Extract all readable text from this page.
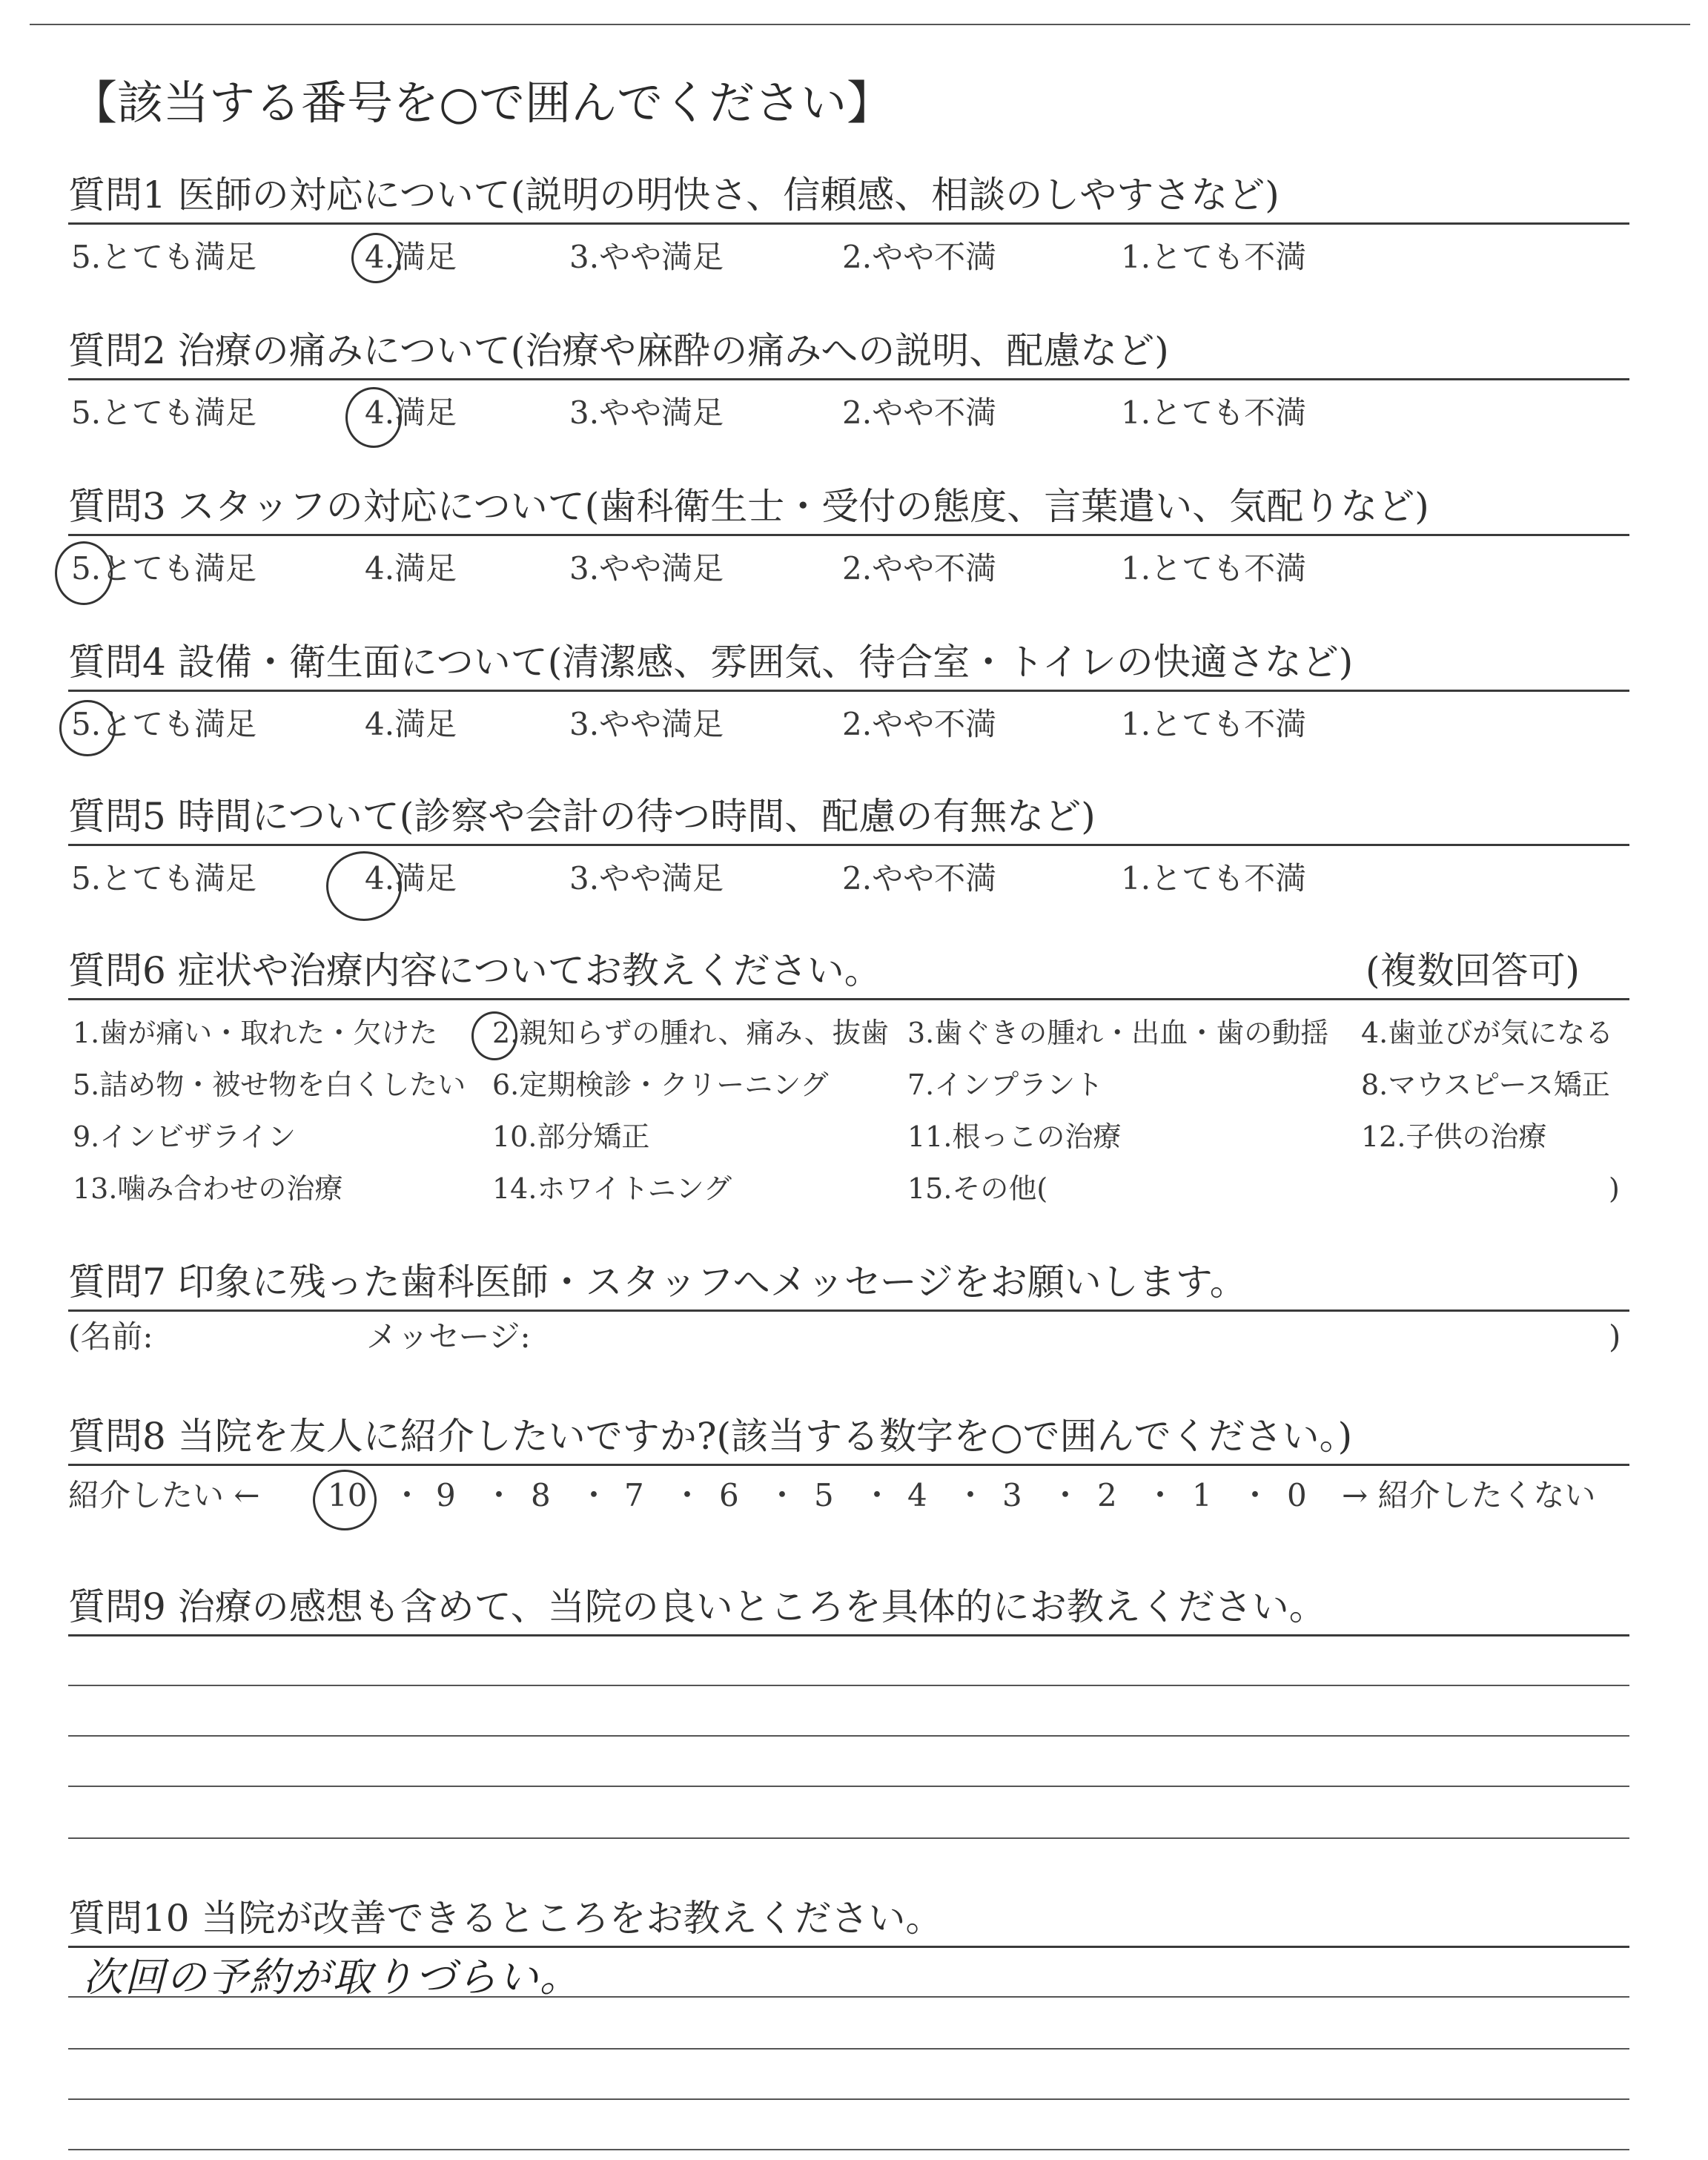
【該当する番号を○で囲んでください】
質問1 医師の対応について(説明の明快さ、信頼感、相談のしやすさなど)
5.とても満足	4.満足	3.やや満足	2.やや不満	1.とても不満
質問2 治療の痛みについて(治療や麻酔の痛みへの説明、配慮など)
5.とても満足	4.満足	3.やや満足	2.やや不満	1.とても不満
質問3 スタッフの対応について(歯科衛生士・受付の態度、言葉遣い、気配りなど)
5.とても満足	4.満足	3.やや満足	2.やや不満	1.とても不満
質問4 設備・衛生面について(清潔感、雰囲気、待合室・トイレの快適さなど)
5.とても満足	4.満足	3.やや満足	2.やや不満	1.とても不満
質問5 時間について(診察や会計の待つ時間、配慮の有無など)
5.とても満足	4.満足	3.やや満足	2.やや不満	1.とても不満
質問6 症状や治療内容についてお教えください。	(複数回答可)
1.歯が痛い・取れた・欠けた 2.親知らずの腫れ、痛み、抜歯 3.歯ぐきの腫れ・出血・歯の動揺 4.歯並びが気になる
5.詰め物・被せ物を白くしたい 6.定期検診・クリーニング	7.インプラント	8.マウスピース矯正
9.インビザライン	10.部分矯正	11.根っこの治療	12.子供の治療
13.噛み合わせの治療	14.ホワイトニング	15.その他(	)
質問7 印象に残った歯科医師・スタッフへメッセージをお願いします。
(名前:	メッセージ:	)
質問8 当院を友人に紹介したいですか?(該当する数字を○で囲んでください。)
紹介したい ←	→ 紹介したくない
10 ・ 9 ・ 8 ・ 7 ・ 6 ・ 5 ・ 4 ・ 3 ・ 2 ・ 1 ・ 0
質問9 治療の感想も含めて、当院の良いところを具体的にお教えください。
質問10 当院が改善できるところをお教えください。
次回の予約が取りづらい。
